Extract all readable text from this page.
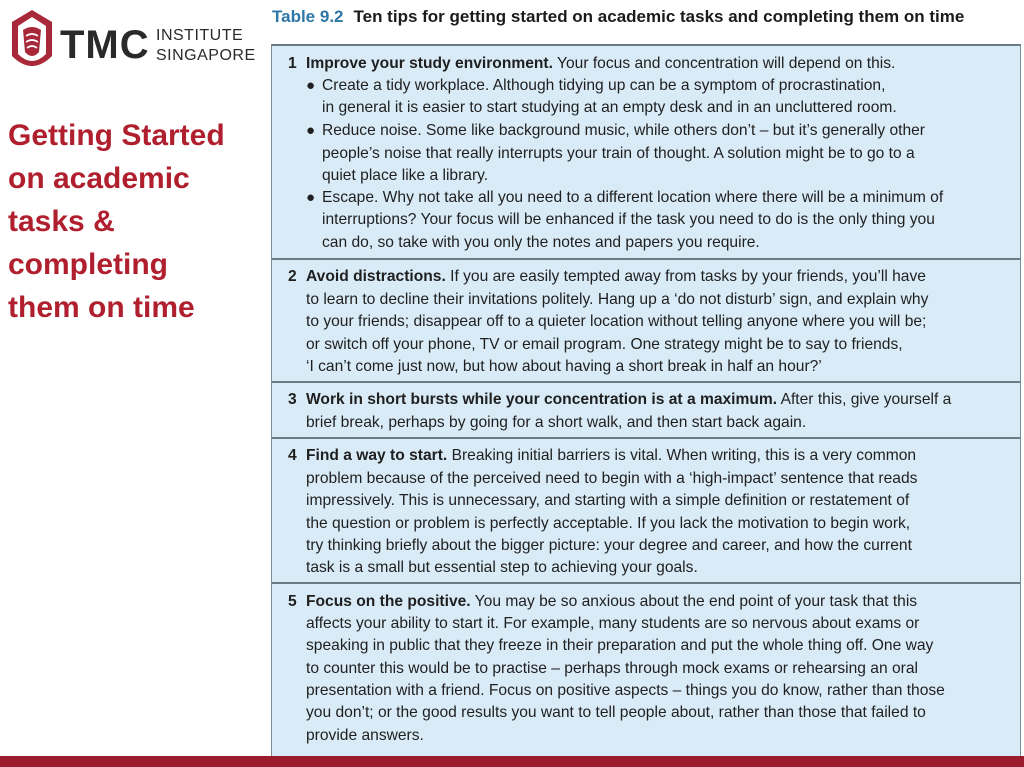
TMC INSTITUTE
SINGAPORE
Getting Started
on academic
tasks &
completing
them on time
Table 9.2 Ten tips for getting started on academic tasks and completing them on time
1 Improve your study environment. Your focus and concentration will depend on this.
● Create a tidy workplace. Although tidying up can be a symptom of procrastination,
in general it is easier to start studying at an empty desk and in an uncluttered room.
● Reduce noise. Some like background music, while others don’t – but it’s generally other
people’s noise that really interrupts your train of thought. A solution might be to go to a
quiet place like a library.
● Escape. Why not take all you need to a different location where there will be a minimum of
interruptions? Your focus will be enhanced if the task you need to do is the only thing you
can do, so take with you only the notes and papers you require.
2 Avoid distractions. If you are easily tempted away from tasks by your friends, you’ll have
to learn to decline their invitations politely. Hang up a ‘do not disturb’ sign, and explain why
to your friends; disappear off to a quieter location without telling anyone where you will be;
or switch off your phone, TV or email program. One strategy might be to say to friends,
‘I can’t come just now, but how about having a short break in half an hour?’
3 Work in short bursts while your concentration is at a maximum. After this, give yourself a
brief break, perhaps by going for a short walk, and then start back again.
4 Find a way to start. Breaking initial barriers is vital. When writing, this is a very common
problem because of the perceived need to begin with a ‘high-impact’ sentence that reads
impressively. This is unnecessary, and starting with a simple definition or restatement of
the question or problem is perfectly acceptable. If you lack the motivation to begin work,
try thinking briefly about the bigger picture: your degree and career, and how the current
task is a small but essential step to achieving your goals.
5 Focus on the positive. You may be so anxious about the end point of your task that this
affects your ability to start it. For example, many students are so nervous about exams or
speaking in public that they freeze in their preparation and put the whole thing off. One way
to counter this would be to practise – perhaps through mock exams or rehearsing an oral
presentation with a friend. Focus on positive aspects – things you do know, rather than those
you don’t; or the good results you want to tell people about, rather than those that failed to
provide answers.
